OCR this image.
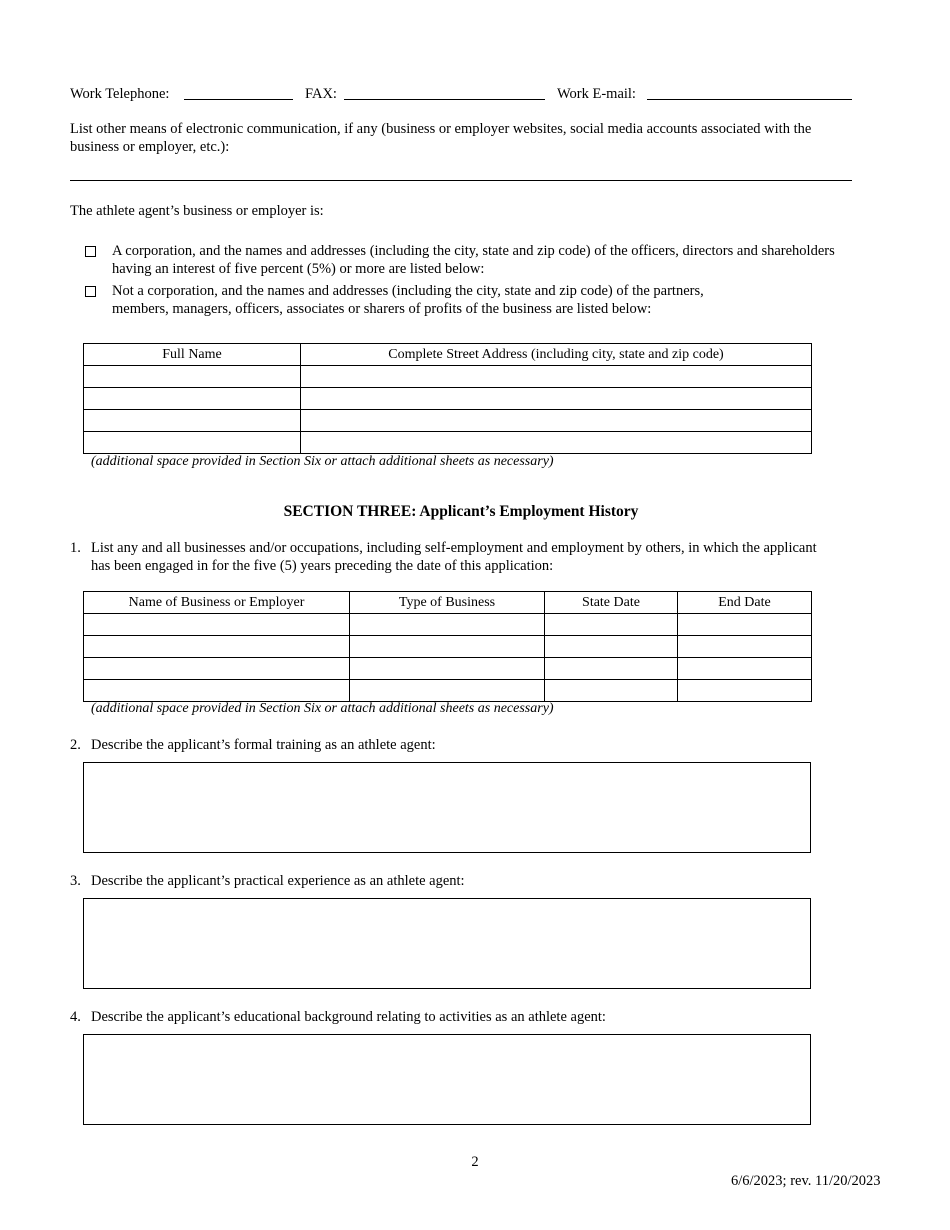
Work Telephone:	FAX:	Work E-mail:
List other means of electronic communication, if any (business or employer websites, social media accounts associated with the business or employer, etc.):
The athlete agent’s business or employer is:
A corporation, and the names and addresses (including the city, state and zip code) of the officers, directors and shareholders having an interest of five percent (5%) or more are listed below:
Not a corporation, and the names and addresses (including the city, state and zip code) of the partners, members, managers, officers, associates or sharers of profits of the business are listed below:
Full Name	Complete Street Address (including city, state and zip code)

(additional space provided in Section Six or attach additional sheets as necessary)
SECTION THREE: Applicant’s Employment History
1. List any and all businesses and/or occupations, including self-employment and employment by others, in which the applicant has been engaged in for the five (5) years preceding the date of this application:
Name of Business or Employer	Type of Business	State Date	End Date

(additional space provided in Section Six or attach additional sheets as necessary)
2. Describe the applicant’s formal training as an athlete agent:
3. Describe the applicant’s practical experience as an athlete agent:
4. Describe the applicant’s educational background relating to activities as an athlete agent:
2
6/6/2023; rev. 11/20/2023
